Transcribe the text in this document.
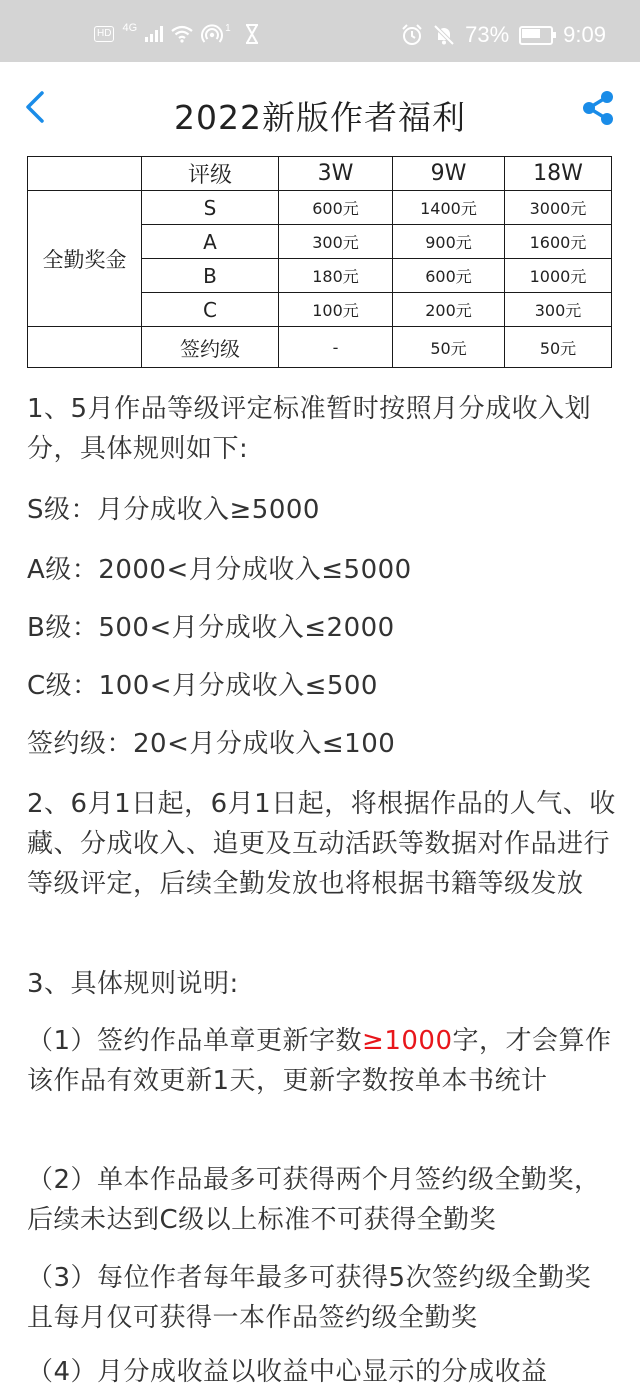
HD 4G	1	73% 9:09
2022新版作者福利
	评级	3W	9W	18W
全勤奖金	S	600元	1400元	3000元
	A	300元	900元	1600元
	B	180元	600元	1000元
	C	100元	200元	300元
	签约级	-	50元	50元
1、5月作品等级评定标准暂时按照月分成收入划分，具体规则如下:
S级：月分成收入≥5000
A级：2000<月分成收入≤5000
B级：500<月分成收入≤2000
C级：100<月分成收入≤500
签约级：20<月分成收入≤100
2、6月1日起，6月1日起，将根据作品的人气、收藏、分成收入、追更及互动活跃等数据对作品进行等级评定，后续全勤发放也将根据书籍等级发放
3、具体规则说明:
（1）签约作品单章更新字数≥1000字，才会算作该作品有效更新1天，更新字数按单本书统计
（2）单本作品最多可获得两个月签约级全勤奖，后续未达到C级以上标准不可获得全勤奖
（3）每位作者每年最多可获得5次签约级全勤奖且每月仅可获得一本作品签约级全勤奖
（4）月分成收益以收益中心显示的分成收益
